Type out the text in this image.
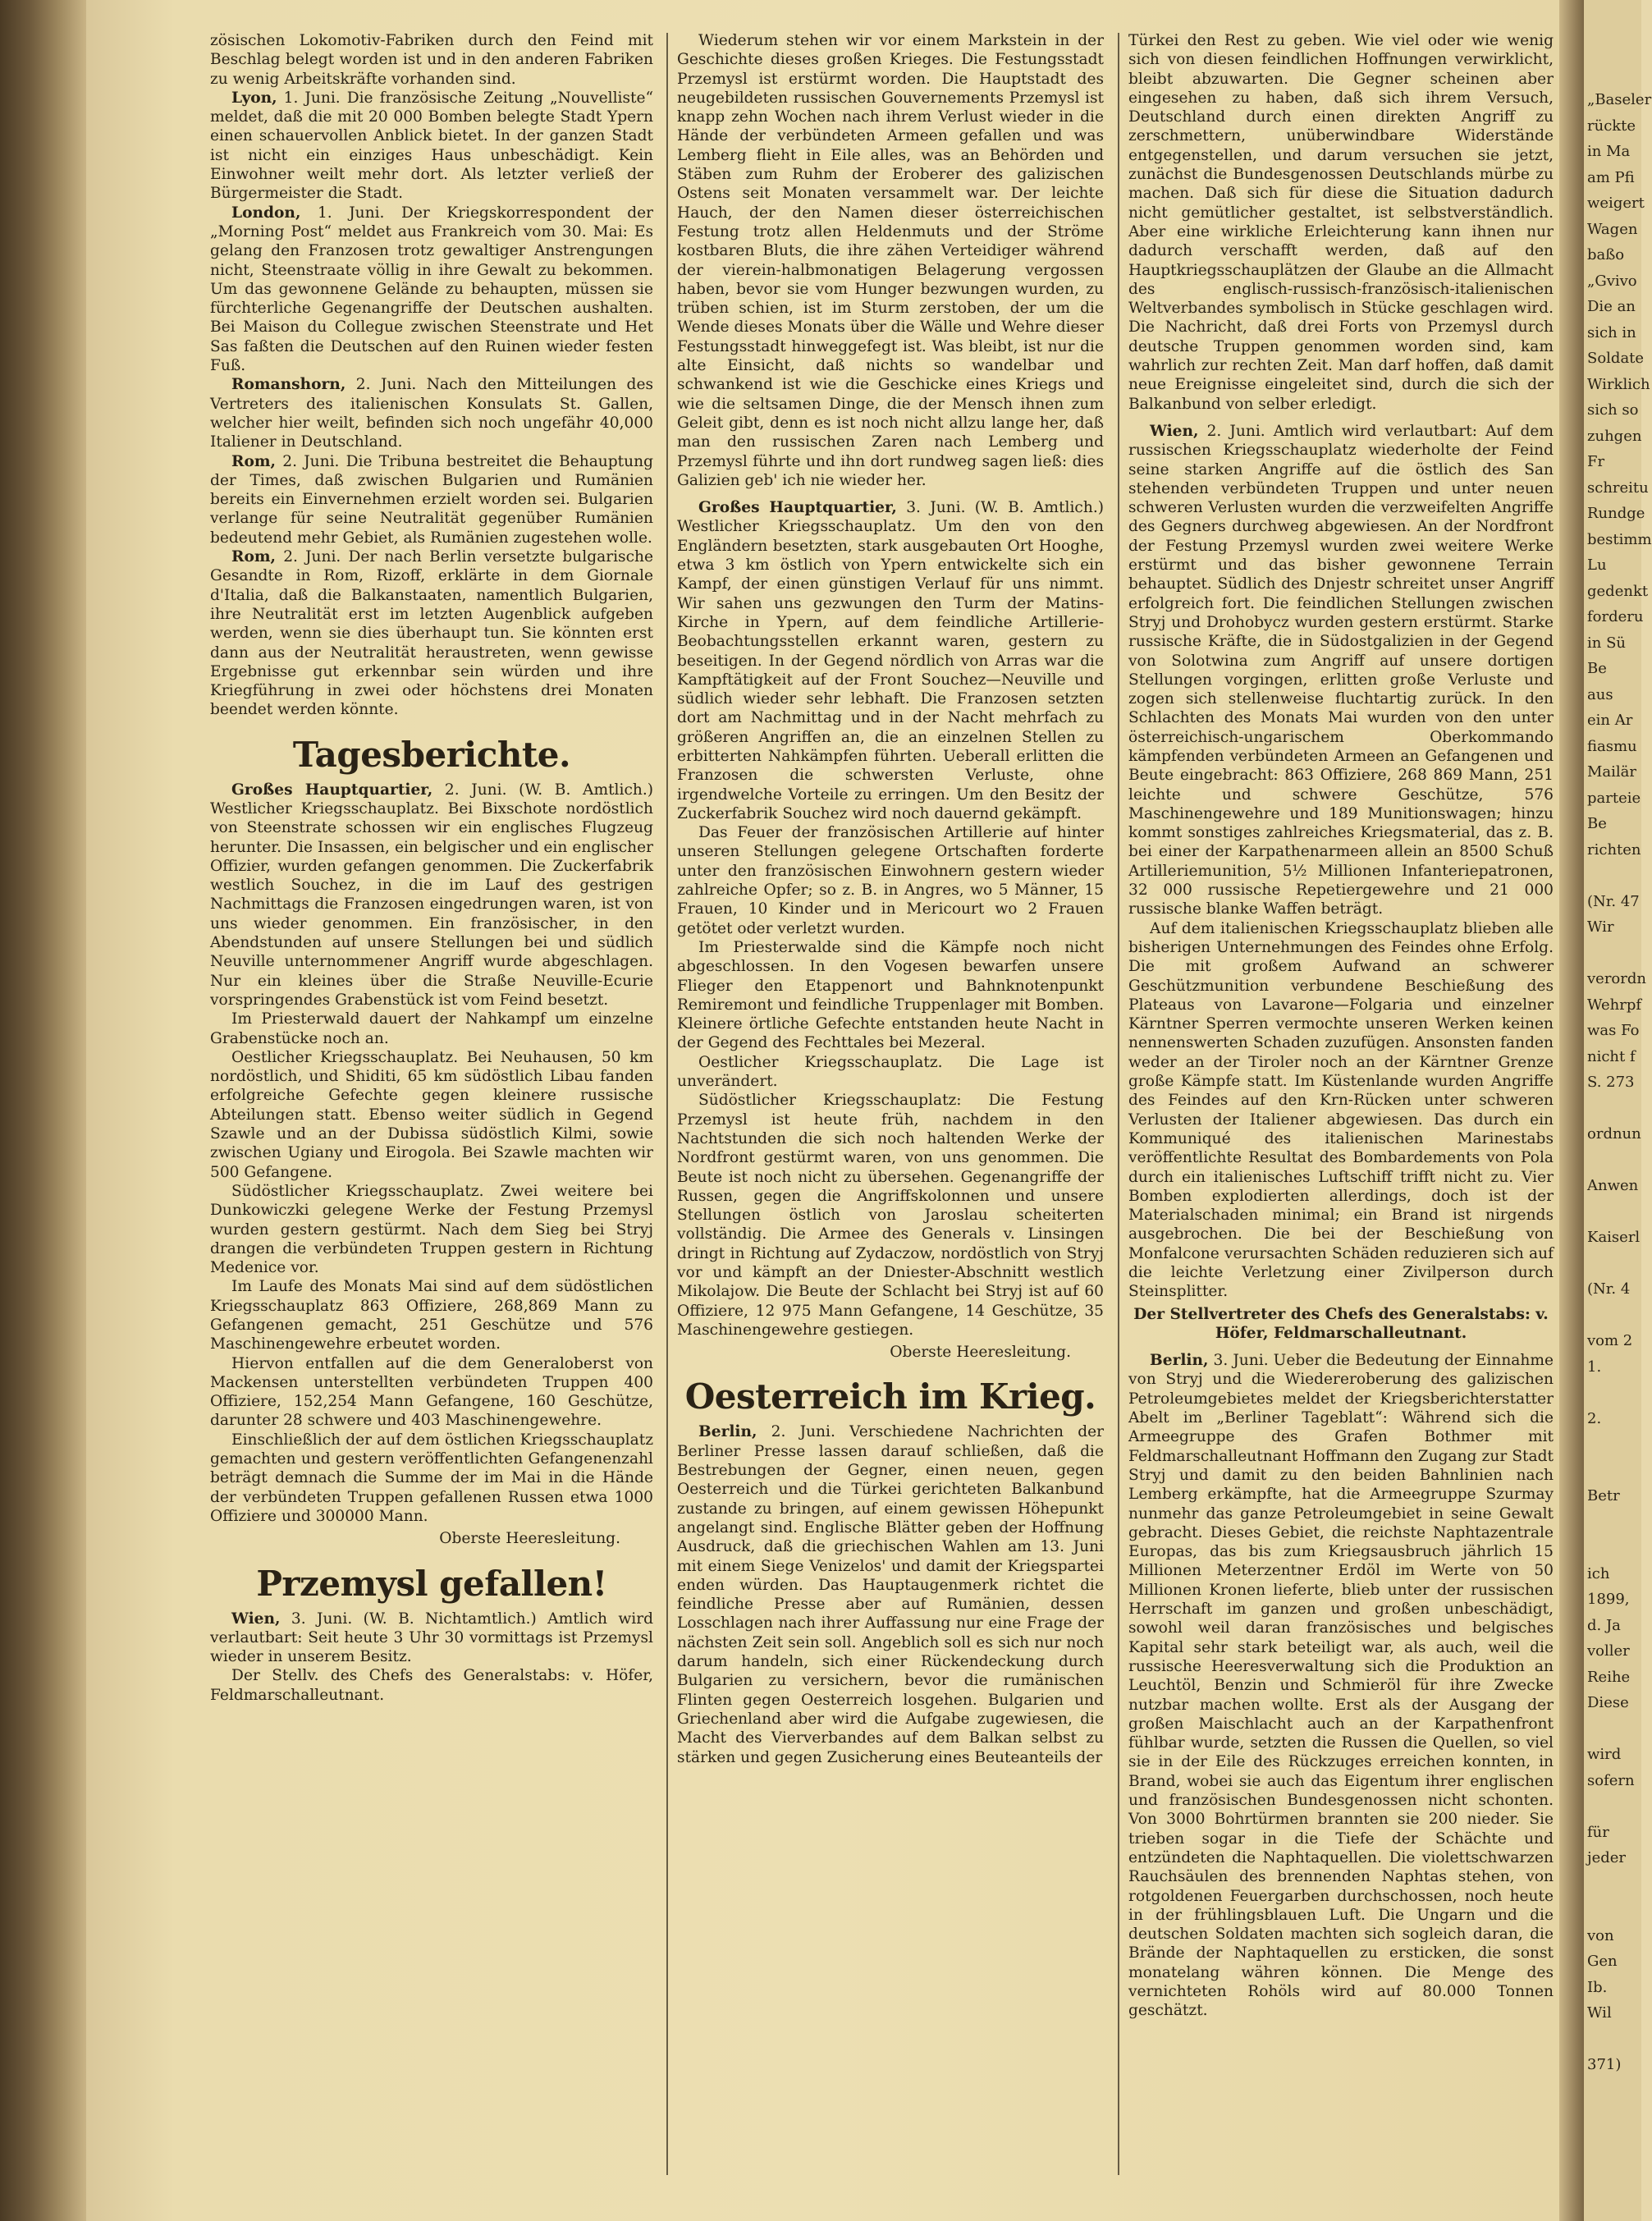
„Baseler
rückte
in Ma
am Pfi
weigert
Wagen
baßo
„Gvivo
Die an
sich in
Soldate
Wirklich
sich so
zuhgen
Fr
schreitu
Rundge
bestimm
Lu
gedenkt
forderu
in Sü
Be
aus
ein Ar
fiasmu
Mailär
parteie
Be
richten
(Nr. 47
Wir
verordn
Wehrpf
was Fo
nicht f
S. 273
ordnun
Anwen
Kaiserl
(Nr. 4
vom 2
1.
2.
Betr
ich
1899,
d. Ja
voller
Reihe
Diese
wird
sofern
für
jeder
von
Gen
Ib.
Wil
371)

zösischen Lokomotiv-Fabriken durch den Feind mit Beschlag belegt worden ist und in den anderen Fabriken zu wenig Arbeitskräfte vorhanden sind.

Lyon, 1. Juni. Die französische Zeitung „Nouvelliste“ meldet, daß die mit 20 000 Bomben belegte Stadt Ypern einen schauervollen Anblick bietet. In der ganzen Stadt ist nicht ein einziges Haus unbeschädigt. Kein Einwohner weilt mehr dort. Als letzter verließ der Bürgermeister die Stadt.

London, 1. Juni. Der Kriegskorrespondent der „Morning Post“ meldet aus Frankreich vom 30. Mai: Es gelang den Franzosen trotz gewaltiger Anstrengungen nicht, Steenstraate völlig in ihre Gewalt zu bekommen. Um das gewonnene Gelände zu behaupten, müssen sie fürchterliche Gegenangriffe der Deutschen aushalten. Bei Maison du Collegue zwischen Steenstrate und Het Sas faßten die Deutschen auf den Ruinen wieder festen Fuß.

Romanshorn, 2. Juni. Nach den Mitteilungen des Vertreters des italienischen Konsulats St. Gallen, welcher hier weilt, befinden sich noch ungefähr 40,000 Italiener in Deutschland.

Rom, 2. Juni. Die Tribuna bestreitet die Behauptung der Times, daß zwischen Bulgarien und Rumänien bereits ein Einvernehmen erzielt worden sei. Bulgarien verlange für seine Neutralität gegenüber Rumänien bedeutend mehr Gebiet, als Rumänien zugestehen wolle.

Rom, 2. Juni. Der nach Berlin versetzte bulgarische Gesandte in Rom, Rizoff, erklärte in dem Giornale d'Italia, daß die Balkanstaaten, namentlich Bulgarien, ihre Neutralität erst im letzten Augenblick aufgeben werden, wenn sie dies überhaupt tun. Sie könnten erst dann aus der Neutralität heraustreten, wenn gewisse Ergebnisse gut erkennbar sein würden und ihre Kriegführung in zwei oder höchstens drei Monaten beendet werden könnte.

Tagesberichte.

Großes Hauptquartier, 2. Juni. (W. B. Amtlich.) Westlicher Kriegsschauplatz. Bei Bixschote nordöstlich von Steenstrate schossen wir ein englisches Flugzeug herunter. Die Insassen, ein belgischer und ein englischer Offizier, wurden gefangen genommen. Die Zuckerfabrik westlich Souchez, in die im Lauf des gestrigen Nachmittags die Franzosen eingedrungen waren, ist von uns wieder genommen. Ein französischer, in den Abendstunden auf unsere Stellungen bei und südlich Neuville unternommener Angriff wurde abgeschlagen. Nur ein kleines über die Straße Neuville-Ecurie vorspringendes Grabenstück ist vom Feind besetzt.

Im Priesterwald dauert der Nahkampf um einzelne Grabenstücke noch an.

Oestlicher Kriegsschauplatz. Bei Neuhausen, 50 km nordöstlich, und Shiditi, 65 km südöstlich Libau fanden erfolgreiche Gefechte gegen kleinere russische Abteilungen statt. Ebenso weiter südlich in Gegend Szawle und an der Dubissa südöstlich Kilmi, sowie zwischen Ugiany und Eirogola. Bei Szawle machten wir 500 Gefangene.

Südöstlicher Kriegsschauplatz. Zwei weitere bei Dunkowiczki gelegene Werke der Festung Przemysl wurden gestern gestürmt. Nach dem Sieg bei Stryj drangen die verbündeten Truppen gestern in Richtung Medenice vor.

Im Laufe des Monats Mai sind auf dem südöstlichen Kriegsschauplatz 863 Offiziere, 268,869 Mann zu Gefangenen gemacht, 251 Geschütze und 576 Maschinengewehre erbeutet worden.

Hiervon entfallen auf die dem Generaloberst von Mackensen unterstellten verbündeten Truppen 400 Offiziere, 152,254 Mann Gefangene, 160 Geschütze, darunter 28 schwere und 403 Maschinengewehre.

Einschließlich der auf dem östlichen Kriegsschauplatz gemachten und gestern veröffentlichten Gefangenenzahl beträgt demnach die Summe der im Mai in die Hände der verbündeten Truppen gefallenen Russen etwa 1000 Offiziere und 300000 Mann.

Oberste Heeresleitung.

Przemysl gefallen!

Wien, 3. Juni. (W. B. Nichtamtlich.) Amtlich wird verlautbart: Seit heute 3 Uhr 30 vormittags ist Przemysl wieder in unserem Besitz.

Der Stellv. des Chefs des Generalstabs: v. Höfer, Feldmarschalleutnant.

Wiederum stehen wir vor einem Markstein in der Geschichte dieses großen Krieges. Die Festungsstadt Przemysl ist erstürmt worden. Die Hauptstadt des neugebildeten russischen Gouvernements Przemysl ist knapp zehn Wochen nach ihrem Verlust wieder in die Hände der verbündeten Armeen gefallen und was Lemberg flieht in Eile alles, was an Behörden und Stäben zum Ruhm der Eroberer des galizischen Ostens seit Monaten versammelt war. Der leichte Hauch, der den Namen dieser österreichischen Festung trotz allen Heldenmuts und der Ströme kostbaren Bluts, die ihre zähen Verteidiger während der vierein-halbmonatigen Belagerung vergossen haben, bevor sie vom Hunger bezwungen wurden, zu trüben schien, ist im Sturm zerstoben, der um die Wende dieses Monats über die Wälle und Wehre dieser Festungsstadt hinweggefegt ist. Was bleibt, ist nur die alte Einsicht, daß nichts so wandelbar und schwankend ist wie die Geschicke eines Kriegs und wie die seltsamen Dinge, die der Mensch ihnen zum Geleit gibt, denn es ist noch nicht allzu lange her, daß man den russischen Zaren nach Lemberg und Przemysl führte und ihn dort rundweg sagen ließ: dies Galizien geb' ich nie wieder her.

Großes Hauptquartier, 3. Juni. (W. B. Amtlich.) Westlicher Kriegsschauplatz. Um den von den Engländern besetzten, stark ausgebauten Ort Hooghe, etwa 3 km östlich von Ypern entwickelte sich ein Kampf, der einen günstigen Verlauf für uns nimmt. Wir sahen uns gezwungen den Turm der Matins-Kirche in Ypern, auf dem feindliche Artillerie-Beobachtungsstellen erkannt waren, gestern zu beseitigen. In der Gegend nördlich von Arras war die Kampftätigkeit auf der Front Souchez—Neuville und südlich wieder sehr lebhaft. Die Franzosen setzten dort am Nachmittag und in der Nacht mehrfach zu größeren Angriffen an, die an einzelnen Stellen zu erbitterten Nahkämpfen führten. Ueberall erlitten die Franzosen die schwersten Verluste, ohne irgendwelche Vorteile zu erringen. Um den Besitz der Zuckerfabrik Souchez wird noch dauernd gekämpft.

Das Feuer der französischen Artillerie auf hinter unseren Stellungen gelegene Ortschaften forderte unter den französischen Einwohnern gestern wieder zahlreiche Opfer; so z. B. in Angres, wo 5 Männer, 15 Frauen, 10 Kinder und in Mericourt wo 2 Frauen getötet oder verletzt wurden.

Im Priesterwalde sind die Kämpfe noch nicht abgeschlossen. In den Vogesen bewarfen unsere Flieger den Etappenort und Bahnknotenpunkt Remiremont und feindliche Truppenlager mit Bomben. Kleinere örtliche Gefechte entstanden heute Nacht in der Gegend des Fechttales bei Mezeral.

Oestlicher Kriegsschauplatz. Die Lage ist unverändert.

Südöstlicher Kriegsschauplatz: Die Festung Przemysl ist heute früh, nachdem in den Nachtstunden die sich noch haltenden Werke der Nordfront gestürmt waren, von uns genommen. Die Beute ist noch nicht zu übersehen. Gegenangriffe der Russen, gegen die Angriffskolonnen und unsere Stellungen östlich von Jaroslau scheiterten vollständig. Die Armee des Generals v. Linsingen dringt in Richtung auf Zydaczow, nordöstlich von Stryj vor und kämpft an der Dniester-Abschnitt westlich Mikolajow. Die Beute der Schlacht bei Stryj ist auf 60 Offiziere, 12 975 Mann Gefangene, 14 Geschütze, 35 Maschinengewehre gestiegen.

Oberste Heeresleitung.

Oesterreich im Krieg.

Berlin, 2. Juni. Verschiedene Nachrichten der Berliner Presse lassen darauf schließen, daß die Bestrebungen der Gegner, einen neuen, gegen Oesterreich und die Türkei gerichteten Balkanbund zustande zu bringen, auf einem gewissen Höhepunkt angelangt sind. Englische Blätter geben der Hoffnung Ausdruck, daß die griechischen Wahlen am 13. Juni mit einem Siege Venizelos' und damit der Kriegspartei enden würden. Das Hauptaugenmerk richtet die feindliche Presse aber auf Rumänien, dessen Losschlagen nach ihrer Auffassung nur eine Frage der nächsten Zeit sein soll. Angeblich soll es sich nur noch darum handeln, sich einer Rückendeckung durch Bulgarien zu versichern, bevor die rumänischen Flinten gegen Oesterreich losgehen. Bulgarien und Griechenland aber wird die Aufgabe zugewiesen, die Macht des Vierverbandes auf dem Balkan selbst zu stärken und gegen Zusicherung eines Beuteanteils der

Türkei den Rest zu geben. Wie viel oder wie wenig sich von diesen feindlichen Hoffnungen verwirklicht, bleibt abzuwarten. Die Gegner scheinen aber eingesehen zu haben, daß sich ihrem Versuch, Deutschland durch einen direkten Angriff zu zerschmettern, unüberwindbare Widerstände entgegenstellen, und darum versuchen sie jetzt, zunächst die Bundesgenossen Deutschlands mürbe zu machen. Daß sich für diese die Situation dadurch nicht gemütlicher gestaltet, ist selbstverständlich. Aber eine wirkliche Erleichterung kann ihnen nur dadurch verschafft werden, daß auf den Hauptkriegsschauplätzen der Glaube an die Allmacht des englisch-russisch-französisch-italienischen Weltverbandes symbolisch in Stücke geschlagen wird. Die Nachricht, daß drei Forts von Przemysl durch deutsche Truppen genommen worden sind, kam wahrlich zur rechten Zeit. Man darf hoffen, daß damit neue Ereignisse eingeleitet sind, durch die sich der Balkanbund von selber erledigt.

Wien, 2. Juni. Amtlich wird verlautbart: Auf dem russischen Kriegsschauplatz wiederholte der Feind seine starken Angriffe auf die östlich des San stehenden verbündeten Truppen und unter neuen schweren Verlusten wurden die verzweifelten Angriffe des Gegners durchweg abgewiesen. An der Nordfront der Festung Przemysl wurden zwei weitere Werke erstürmt und das bisher gewonnene Terrain behauptet. Südlich des Dnjestr schreitet unser Angriff erfolgreich fort. Die feindlichen Stellungen zwischen Stryj und Drohobycz wurden gestern erstürmt. Starke russische Kräfte, die in Südostgalizien in der Gegend von Solotwina zum Angriff auf unsere dortigen Stellungen vorgingen, erlitten große Verluste und zogen sich stellenweise fluchtartig zurück. In den Schlachten des Monats Mai wurden von den unter österreichisch-ungarischem Oberkommando kämpfenden verbündeten Armeen an Gefangenen und Beute eingebracht: 863 Offiziere, 268 869 Mann, 251 leichte und schwere Geschütze, 576 Maschinengewehre und 189 Munitionswagen; hinzu kommt sonstiges zahlreiches Kriegsmaterial, das z. B. bei einer der Karpathenarmeen allein an 8500 Schuß Artilleriemunition, 5½ Millionen Infanteriepatronen, 32 000 russische Repetiergewehre und 21 000 russische blanke Waffen beträgt.

Auf dem italienischen Kriegsschauplatz blieben alle bisherigen Unternehmungen des Feindes ohne Erfolg. Die mit großem Aufwand an schwerer Geschützmunition verbundene Beschießung des Plateaus von Lavarone—Folgaria und einzelner Kärntner Sperren vermochte unseren Werken keinen nennenswerten Schaden zuzufügen. Ansonsten fanden weder an der Tiroler noch an der Kärntner Grenze große Kämpfe statt. Im Küstenlande wurden Angriffe des Feindes auf den Krn-Rücken unter schweren Verlusten der Italiener abgewiesen. Das durch ein Kommuniqué des italienischen Marinestabs veröffentlichte Resultat des Bombardements von Pola durch ein italienisches Luftschiff trifft nicht zu. Vier Bomben explodierten allerdings, doch ist der Materialschaden minimal; ein Brand ist nirgends ausgebrochen. Die bei der Beschießung von Monfalcone verursachten Schäden reduzieren sich auf die leichte Verletzung einer Zivilperson durch Steinsplitter.

Der Stellvertreter des Chefs des Generalstabs: v. Höfer, Feldmarschalleutnant.

Berlin, 3. Juni. Ueber die Bedeutung der Einnahme von Stryj und die Wiedereroberung des galizischen Petroleumgebietes meldet der Kriegsberichterstatter Abelt im „Berliner Tageblatt“: Während sich die Armeegruppe des Grafen Bothmer mit Feldmarschalleutnant Hoffmann den Zugang zur Stadt Stryj und damit zu den beiden Bahnlinien nach Lemberg erkämpfte, hat die Armeegruppe Szurmay nunmehr das ganze Petroleumgebiet in seine Gewalt gebracht. Dieses Gebiet, die reichste Naphtazentrale Europas, das bis zum Kriegsausbruch jährlich 15 Millionen Meterzentner Erdöl im Werte von 50 Millionen Kronen lieferte, blieb unter der russischen Herrschaft im ganzen und großen unbeschädigt, sowohl weil daran französisches und belgisches Kapital sehr stark beteiligt war, als auch, weil die russische Heeresverwaltung sich die Produktion an Leuchtöl, Benzin und Schmieröl für ihre Zwecke nutzbar machen wollte. Erst als der Ausgang der großen Maischlacht auch an der Karpathenfront fühlbar wurde, setzten die Russen die Quellen, so viel sie in der Eile des Rückzuges erreichen konnten, in Brand, wobei sie auch das Eigentum ihrer englischen und französischen Bundesgenossen nicht schonten. Von 3000 Bohrtürmen brannten sie 200 nieder. Sie trieben sogar in die Tiefe der Schächte und entzündeten die Naphtaquellen. Die violettschwarzen Rauchsäulen des brennenden Naphtas stehen, von rotgoldenen Feuergarben durchschossen, noch heute in der frühlingsblauen Luft. Die Ungarn und die deutschen Soldaten machten sich sogleich daran, die Brände der Naphtaquellen zu ersticken, die sonst monatelang währen können. Die Menge des vernichteten Rohöls wird auf 80.000 Tonnen geschätzt.
